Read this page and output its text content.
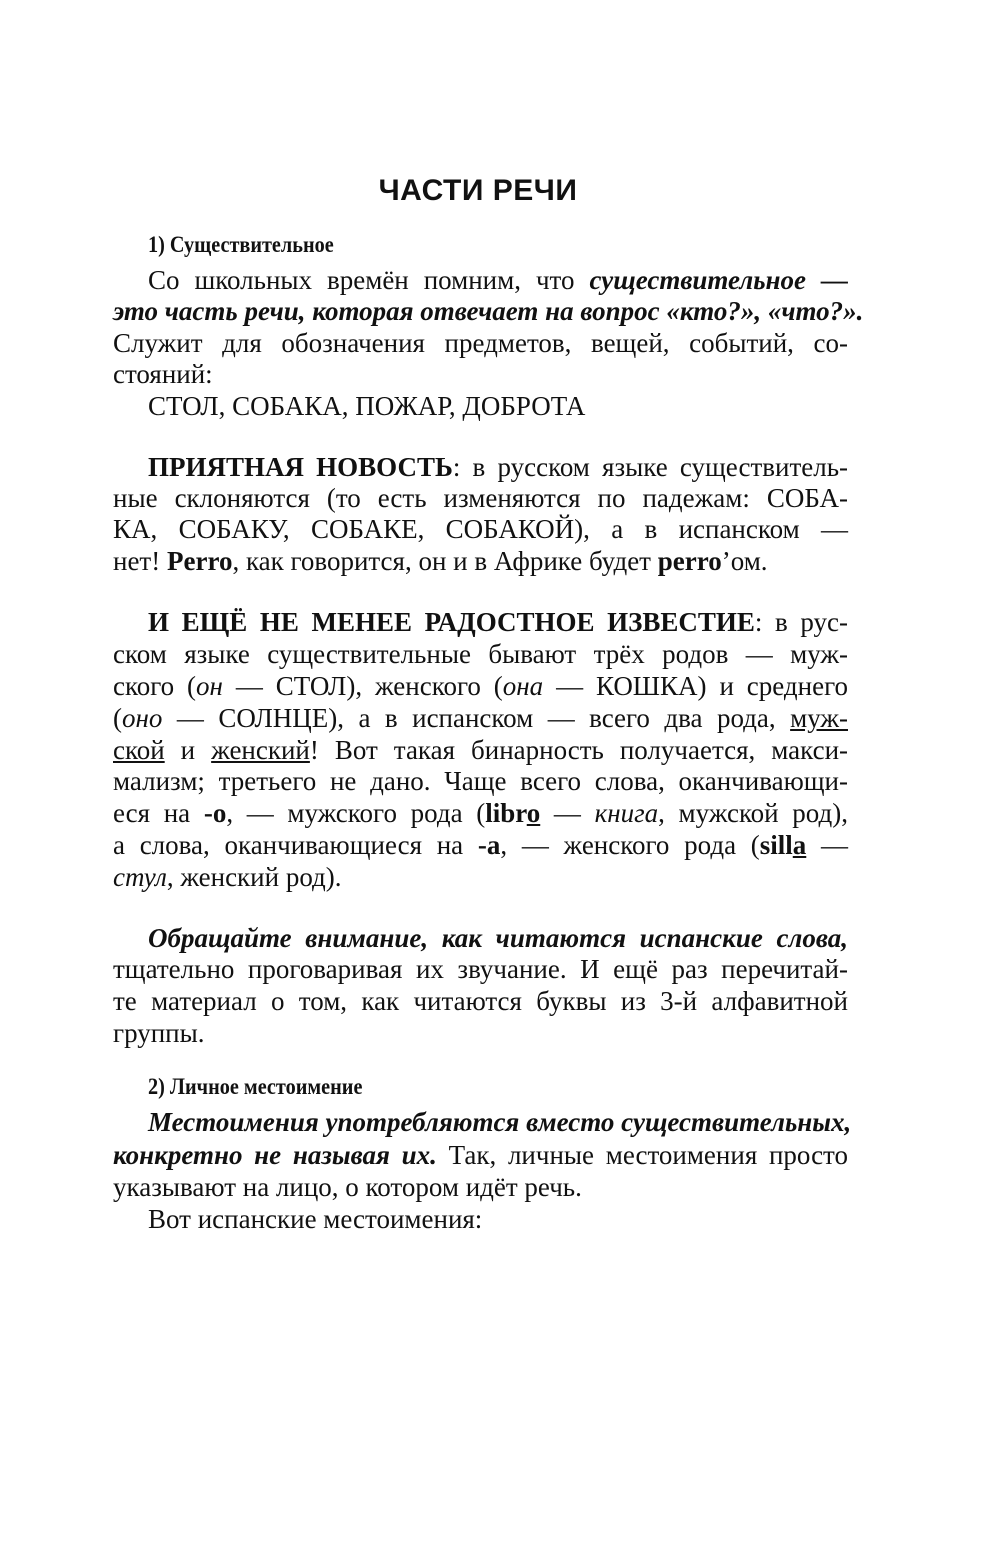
ЧАСТИ РЕЧИ
1) Существительное
2) Личное местоимение
Со школьных времён помним, что существительное —
это часть речи, которая отвечает на вопрос «кто?», «что?».
Служит для обозначения предметов, вещей, событий, со-
стояний:
СТОЛ, СОБАКА, ПОЖАР, ДОБРОТА
ПРИЯТНАЯ НОВОСТЬ: в русском языке существитель-
ные склоняются (то есть изменяются по падежам: СОБА-
КА, СОБАКУ, СОБАКЕ, СОБАКОЙ), а в испанском —
нет! Perro, как говорится, он и в Африке будет perro’ом.
И ЕЩЁ НЕ МЕНЕЕ РАДОСТНОЕ ИЗВЕСТИЕ: в рус-
ском языке существительные бывают трёх родов — муж-
ского (он — СТОЛ), женского (она — КОШКА) и среднего
(оно — СОЛНЦЕ), а в испанском — всего два рода, муж-
ской и женский! Вот такая бинарность получается, макси-
мализм; третьего не дано. Чаще всего слова, оканчивающи-
еся на -о, — мужского рода (libro — книга, мужской род),
а слова, оканчивающиеся на -а, — женского рода (silla —
стул, женский род).
Обращайте внимание, как читаются испанские слова,
тщательно проговаривая их звучание. И ещё раз перечитай-
те материал о том, как читаются буквы из 3-й алфавитной
группы.
Местоимения употребляются вместо существительных,
конкретно не называя их. Так, личные местоимения просто
указывают на лицо, о котором идёт речь.
Вот испанские местоимения:
